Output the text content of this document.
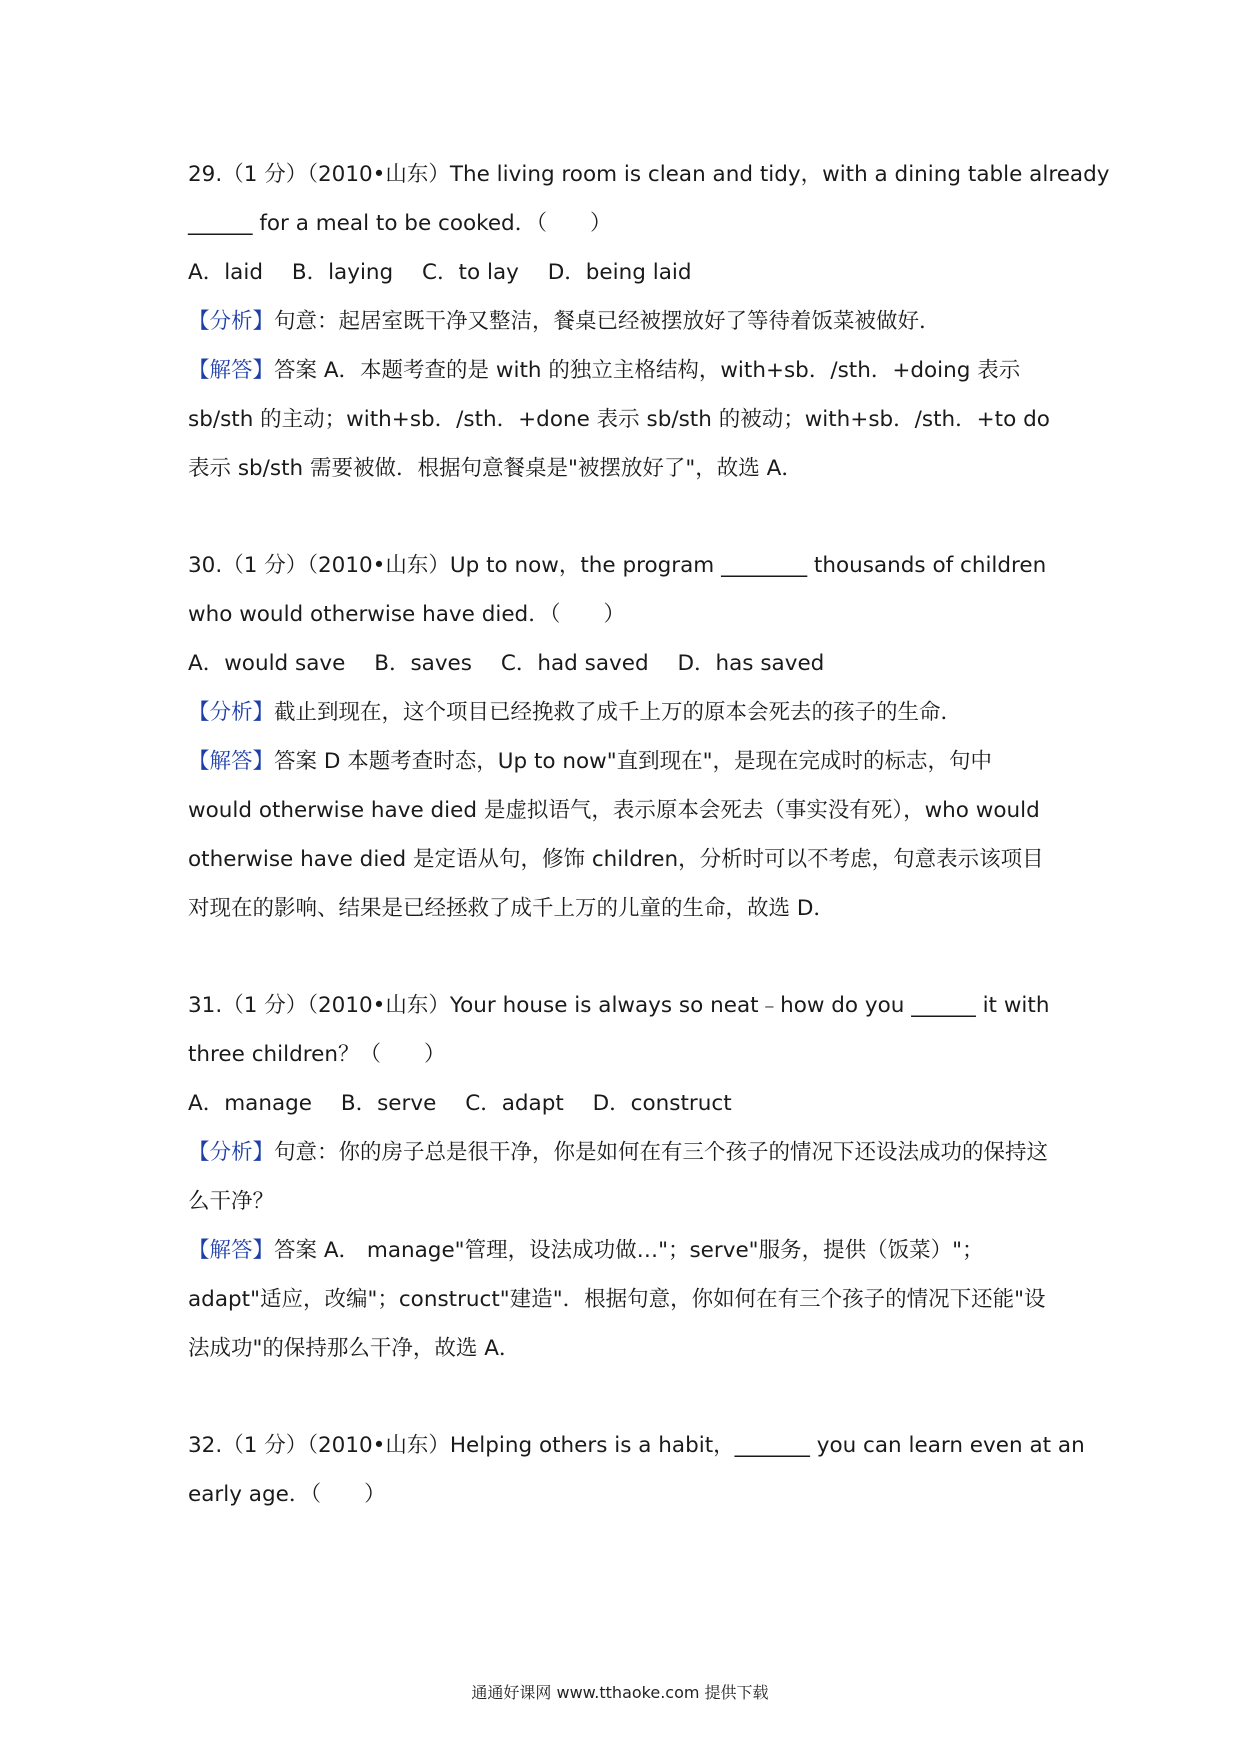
29.（1 分）（2010•山东）The living room is clean and tidy，with a dining table already
______ for a meal to be cooked．（　　）
A．laid B．laying C．to lay D．being laid
【分析】句意：起居室既干净又整洁，餐桌已经被摆放好了等待着饭菜被做好．
【解答】答案 A．本题考查的是 with 的独立主格结构，with+sb．/sth．+doing 表示 sb/sth 的主动；with+sb．/sth．+done 表示 sb/sth 的被动；with+sb．/sth．+to do 表示 sb/sth 需要被做．根据句意餐桌是"被摆放好了"，故选 A．
30.（1 分）（2010•山东）Up to now，the program ________ thousands of children
who would otherwise have died．（　　）
A．would save B．saves C．had saved D．has saved
【分析】截止到现在，这个项目已经挽救了成千上万的原本会死去的孩子的生命．
【解答】答案 D 本题考查时态，Up to now"直到现在"，是现在完成时的标志，句中 would otherwise have died 是虚拟语气，表示原本会死去（事实没有死），who would otherwise have died 是定语从句，修饰 children，分析时可以不考虑，句意表示该项目对现在的影响、结果是已经拯救了成千上万的儿童的生命，故选 D．
31.（1 分）（2010•山东）Your house is always so neat﹣how do you ______ it with
three children？（　　）
A．manage B．serve C．adapt D．construct
【分析】句意：你的房子总是很干净，你是如何在有三个孩子的情况下还设法成功的保持这么干净？
【解答】答案 A． manage"管理，设法成功做…"；serve"服务，提供（饭菜）"；adapt"适应，改编"；construct"建造"．根据句意，你如何在有三个孩子的情况下还能"设法成功"的保持那么干净，故选 A．
32.（1 分）（2010•山东）Helping others is a habit，_______ you can learn even at an
early age．（　　）
通通好课网 www.tthaoke.com 提供下载
